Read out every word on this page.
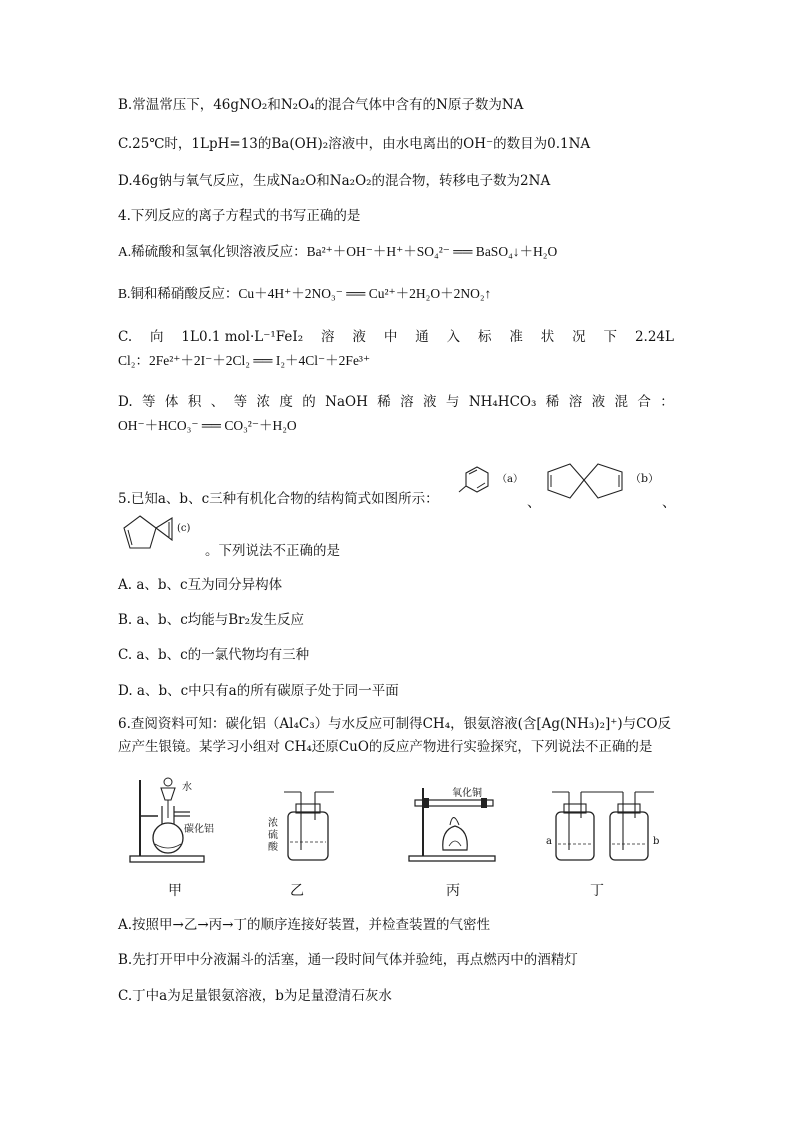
B.常温常压下，46gNO₂和N₂O₄的混合气体中含有的N原子数为NA
C.25℃时，1LpH=13的Ba(OH)₂溶液中，由水电离出的OH⁻的数目为0.1NA
D.46g钠与氧气反应，生成Na₂O和Na₂O₂的混合物，转移电子数为2NA
4.下列反应的离子方程式的书写正确的是
A.稀硫酸和氢氧化钡溶液反应：Ba²⁺＋OH⁻＋H⁺＋SO₄²⁻ ══ BaSO₄↓＋H₂O
B.铜和稀硝酸反应：Cu＋4H⁺＋2NO₃⁻ ══ Cu²⁺＋2H₂O＋2NO₂↑
C. 向 1L0.1 mol·L⁻¹FeI₂ 溶 液 中 通 入 标 准 状 况 下 2.24L
Cl₂：2Fe²⁺＋2I⁻＋2Cl₂ ══ I₂＋4Cl⁻＋2Fe³⁺
D. 等 体 积 、 等 浓 度 的 NaOH 稀 溶 液 与 NH₄HCO₃ 稀 溶 液 混 合 ：
OH⁻＋HCO₃⁻ ══ CO₃²⁻＋H₂O
5.已知a、b、c三种有机化合物的结构简式如图所示：
（a）
、
（b）
、
(c)
。下列说法不正确的是
A. a、b、c互为同分异构体
B. a、b、c均能与Br₂发生反应
C. a、b、c的一氯代物均有三种
D. a、b、c中只有a的所有碳原子处于同一平面
6.查阅资料可知：碳化铝（Al₄C₃）与水反应可制得CH₄，银氨溶液(含[Ag(NH₃)₂]⁺)与CO反
应产生银镜。某学习小组对 CH₄还原CuO的反应产物进行实验探究，下列说法不正确的是
水
碳化铝
甲
浓硫酸
乙
氧化铜
丙
a	b
丁
A.按照甲→乙→丙→丁的顺序连接好装置，并检查装置的气密性
B.先打开甲中分液漏斗的活塞，通一段时间气体并验纯，再点燃丙中的酒精灯
C.丁中a为足量银氨溶液，b为足量澄清石灰水
